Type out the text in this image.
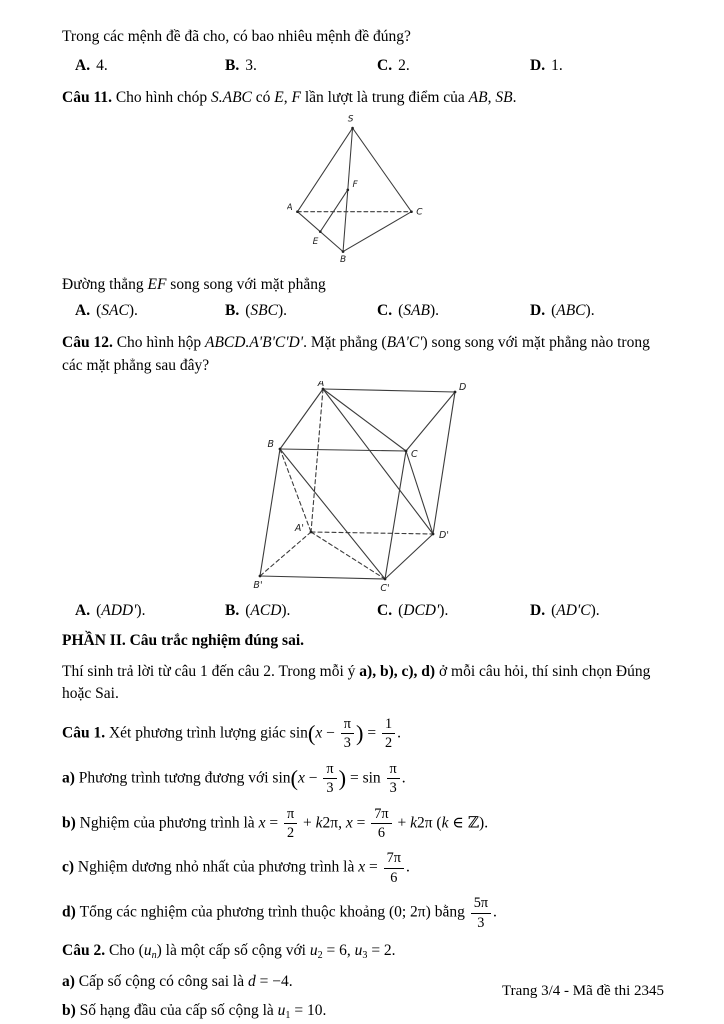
Trong các mệnh đề đã cho, có bao nhiêu mệnh đề đúng?

A. 4.	B. 3.	C. 2.	D. 1.

Câu 11. Cho hình chóp S.ABC có E, F lần lượt là trung điểm của AB, SB.

S
A	C
B
E
F

Đường thẳng EF song song với mặt phẳng

A. (SAC).	B. (SBC).	C. (SAB).	D. (ABC).

Câu 12. Cho hình hộp ABCD.A'B'C'D'. Mặt phẳng (BA'C') song song với mặt phẳng nào trong các mặt phẳng sau đây?

A	D
B
C
A'
D'
B'	C'
A. (ADD').	B. (ACD).	C. (DCD').	D. (AD'C).

PHẦN II. Câu trắc nghiệm đúng sai.

Thí sinh trả lời từ câu 1 đến câu 2. Trong mỗi ý a), b), c), d) ở mỗi câu hỏi, thí sinh chọn Đúng hoặc Sai.

Câu 1. Xét phương trình lượng giác $\sin(x - \frac{\pi}{3}$ ) = $\frac{1}{2}$ .

a) Phương trình tương đương với $\sin(x - \frac{\pi}{3}$ ) = $\sin \frac{\pi}{3}$ .

b) Nghiệm của phương trình là $x = \frac{\pi}{2} + k2\pi$, $x = \frac{7\pi}{6} + k2\pi$ (k ∈ ℤ).

c) Nghiệm dương nhỏ nhất của phương trình là $x = \frac{7\pi}{6}$ .

d) Tổng các nghiệm của phương trình thuộc khoảng (0; 2π) bằng $\frac{5\pi}{3}$ .

Câu 2. Cho $(u_n)$ là một cấp số cộng với $u_2 = 6$, $u_3 = 2$.

a) Cấp số cộng có công sai là d = −4.

b) Số hạng đầu của cấp số cộng là $u_1 = 10$.

Trang 3/4 - Mã đề thi 2345
